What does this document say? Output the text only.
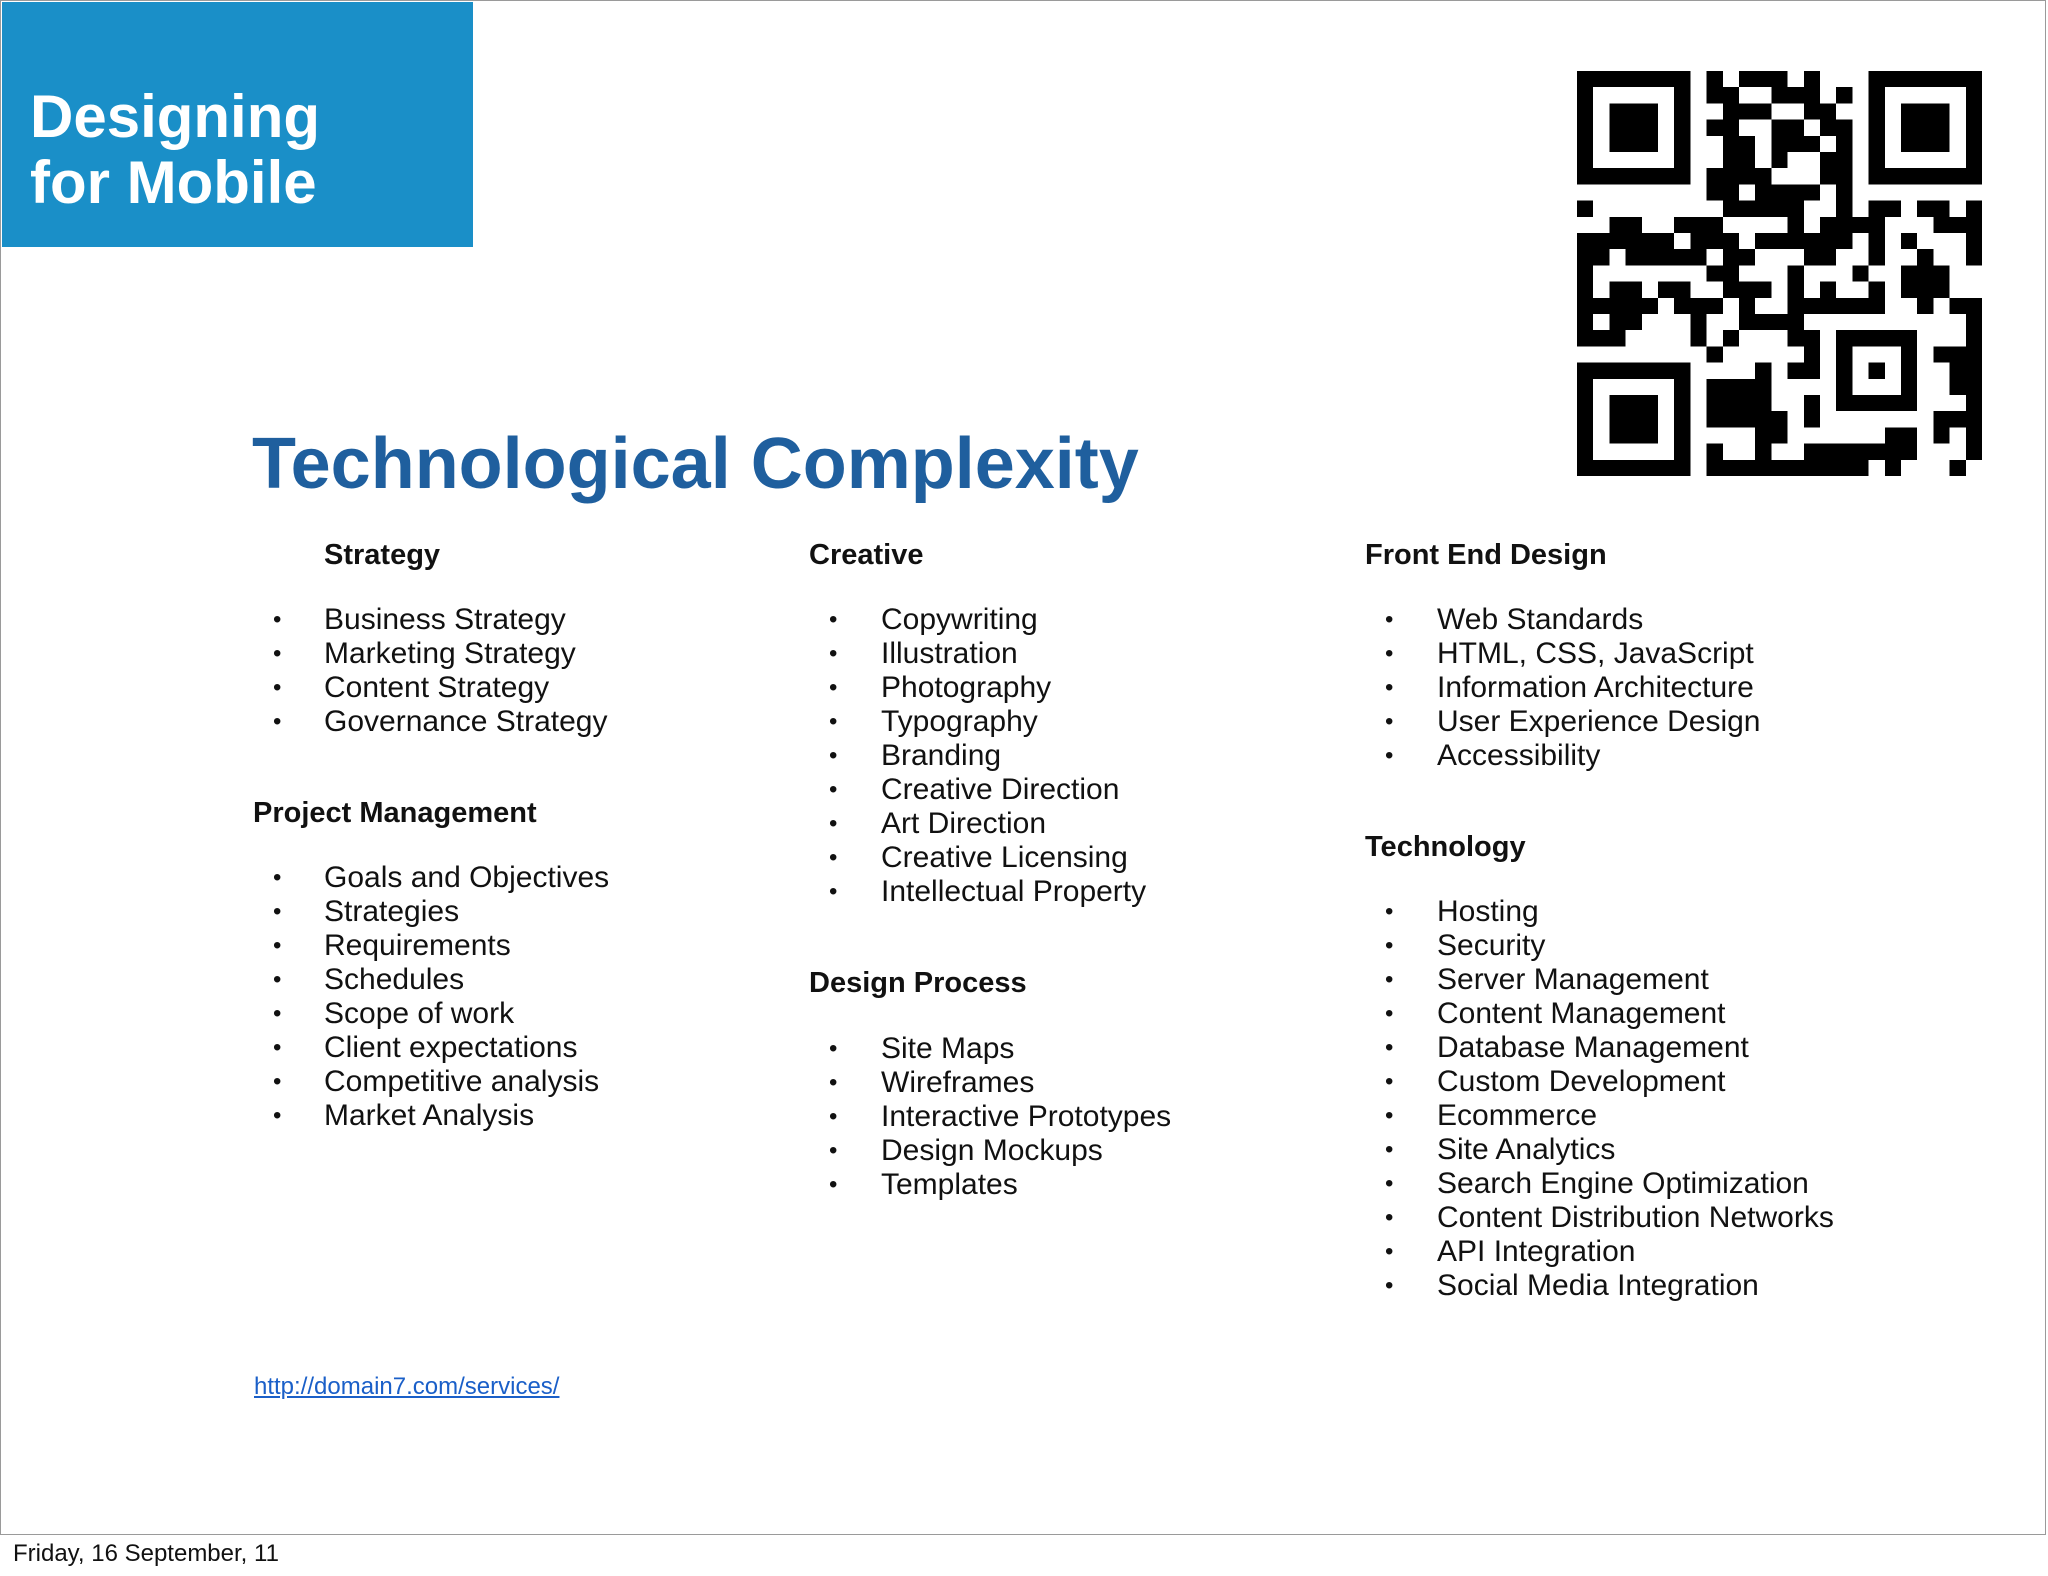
Designing
for Mobile
Technological Complexity
Strategy
• Business Strategy
• Marketing Strategy
• Content Strategy
• Governance Strategy
Project Management
• Goals and Objectives
• Strategies
• Requirements
• Schedules
• Scope of work
• Client expectations
• Competitive analysis
• Market Analysis
Creative
• Copywriting
• Illustration
• Photography
• Typography
• Branding
• Creative Direction
• Art Direction
• Creative Licensing
• Intellectual Property
Design Process
• Site Maps
• Wireframes
• Interactive Prototypes
• Design Mockups
• Templates
Front End Design
• Web Standards
• HTML, CSS, JavaScript
• Information Architecture
• User Experience Design
• Accessibility
Technology
• Hosting
• Security
• Server Management
• Content Management
• Database Management
• Custom Development
• Ecommerce
• Site Analytics
• Search Engine Optimization
• Content Distribution Networks
• API Integration
• Social Media Integration
http://domain7.com/services/
Friday, 16 September, 11
